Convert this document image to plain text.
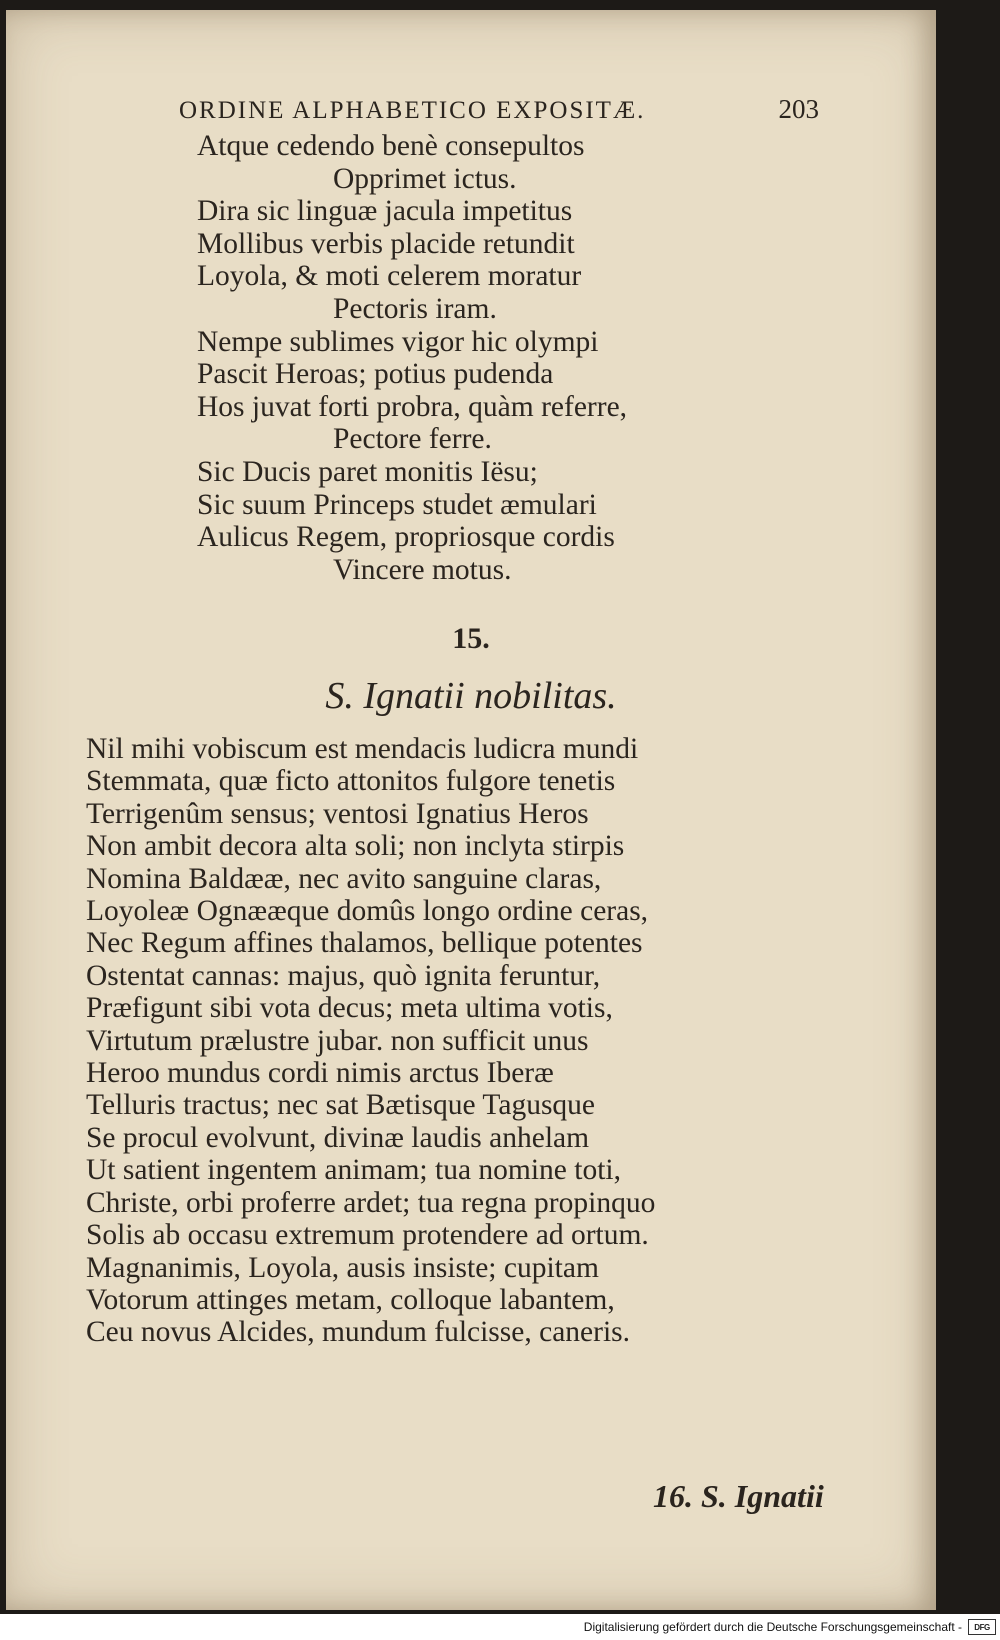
ORDINE ALPHABETICO EXPOSITÆ.	203
Atque cedendo benè consepultos
Opprimet ictus.
Dira sic linguæ jacula impetitus
Mollibus verbis placide retundit
Loyola, & moti celerem moratur
Pectoris iram.
Nempe sublimes vigor hic olympi
Pascit Heroas; potius pudenda
Hos juvat forti probra, quàm referre,
Pectore ferre.
Sic Ducis paret monitis Iësu;
Sic suum Princeps studet æmulari
Aulicus Regem, propriosque cordis
Vincere motus.
15.
S. Ignatii nobilitas.
Nil mihi vobiscum est mendacis ludicra mundi
Stemmata, quæ ficto attonitos fulgore tenetis
Terrigenûm sensus; ventosi Ignatius Heros
Non ambit decora alta soli; non inclyta stirpis
Nomina Baldææ, nec avito sanguine claras,
Loyoleæ Ognææque domûs longo ordine ceras,
Nec Regum affines thalamos, bellique potentes
Ostentat cannas: majus, quò ignita feruntur,
Præfigunt sibi vota decus; meta ultima votis,
Virtutum prælustre jubar. non sufficit unus
Heroo mundus cordi nimis arctus Iberæ
Telluris tractus; nec sat Bætisque Tagusque
Se procul evolvunt, divinæ laudis anhelam
Ut satient ingentem animam; tua nomine toti,
Christe, orbi proferre ardet; tua regna propinquo
Solis ab occasu extremum protendere ad ortum.
Magnanimis, Loyola, ausis insiste; cupitam
Votorum attinges metam, colloque labantem,
Ceu novus Alcides, mundum fulcisse, caneris.
16. S. Ignatii
Digitalisierung gefördert durch die Deutsche Forschungsgemeinschaft -	DFG
